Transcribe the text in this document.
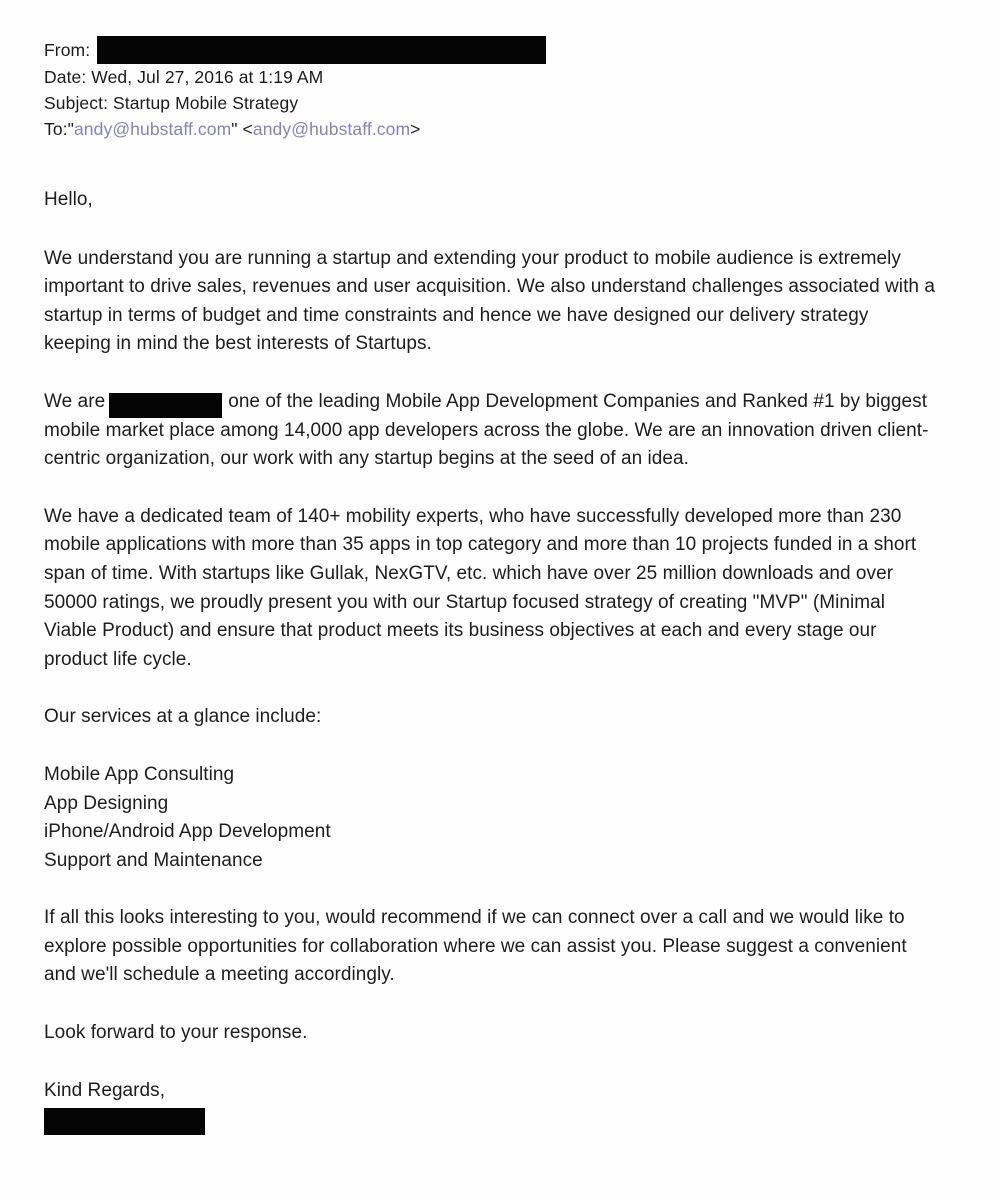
From:
Date: Wed, Jul 27, 2016 at 1:19 AM
Subject: Startup Mobile Strategy
To:"andy@hubstaff.com" <andy@hubstaff.com>

Hello,

We understand you are running a startup and extending your product to mobile audience is extremely important to drive sales, revenues and user acquisition. We also understand challenges associated with a startup in terms of budget and time constraints and hence we have designed our delivery strategy keeping in mind the best interests of Startups.

We are	one of the leading Mobile App Development Companies and Ranked #1 by biggest mobile market place among 14,000 app developers across the globe. We are an innovation driven client-centric organization, our work with any startup begins at the seed of an idea.

We have a dedicated team of 140+ mobility experts, who have successfully developed more than 230 mobile applications with more than 35 apps in top category and more than 10 projects funded in a short span of time. With startups like Gullak, NexGTV, etc. which have over 25 million downloads and over 50000 ratings, we proudly present you with our Startup focused strategy of creating "MVP" (Minimal Viable Product) and ensure that product meets its business objectives at each and every stage our product life cycle.

Our services at a glance include:

Mobile App Consulting

App Designing

iPhone/Android App Development

Support and Maintenance

If all this looks interesting to you, would recommend if we can connect over a call and we would like to explore possible opportunities for collaboration where we can assist you. Please suggest a convenient and we'll schedule a meeting accordingly.

Look forward to your response.

Kind Regards,
